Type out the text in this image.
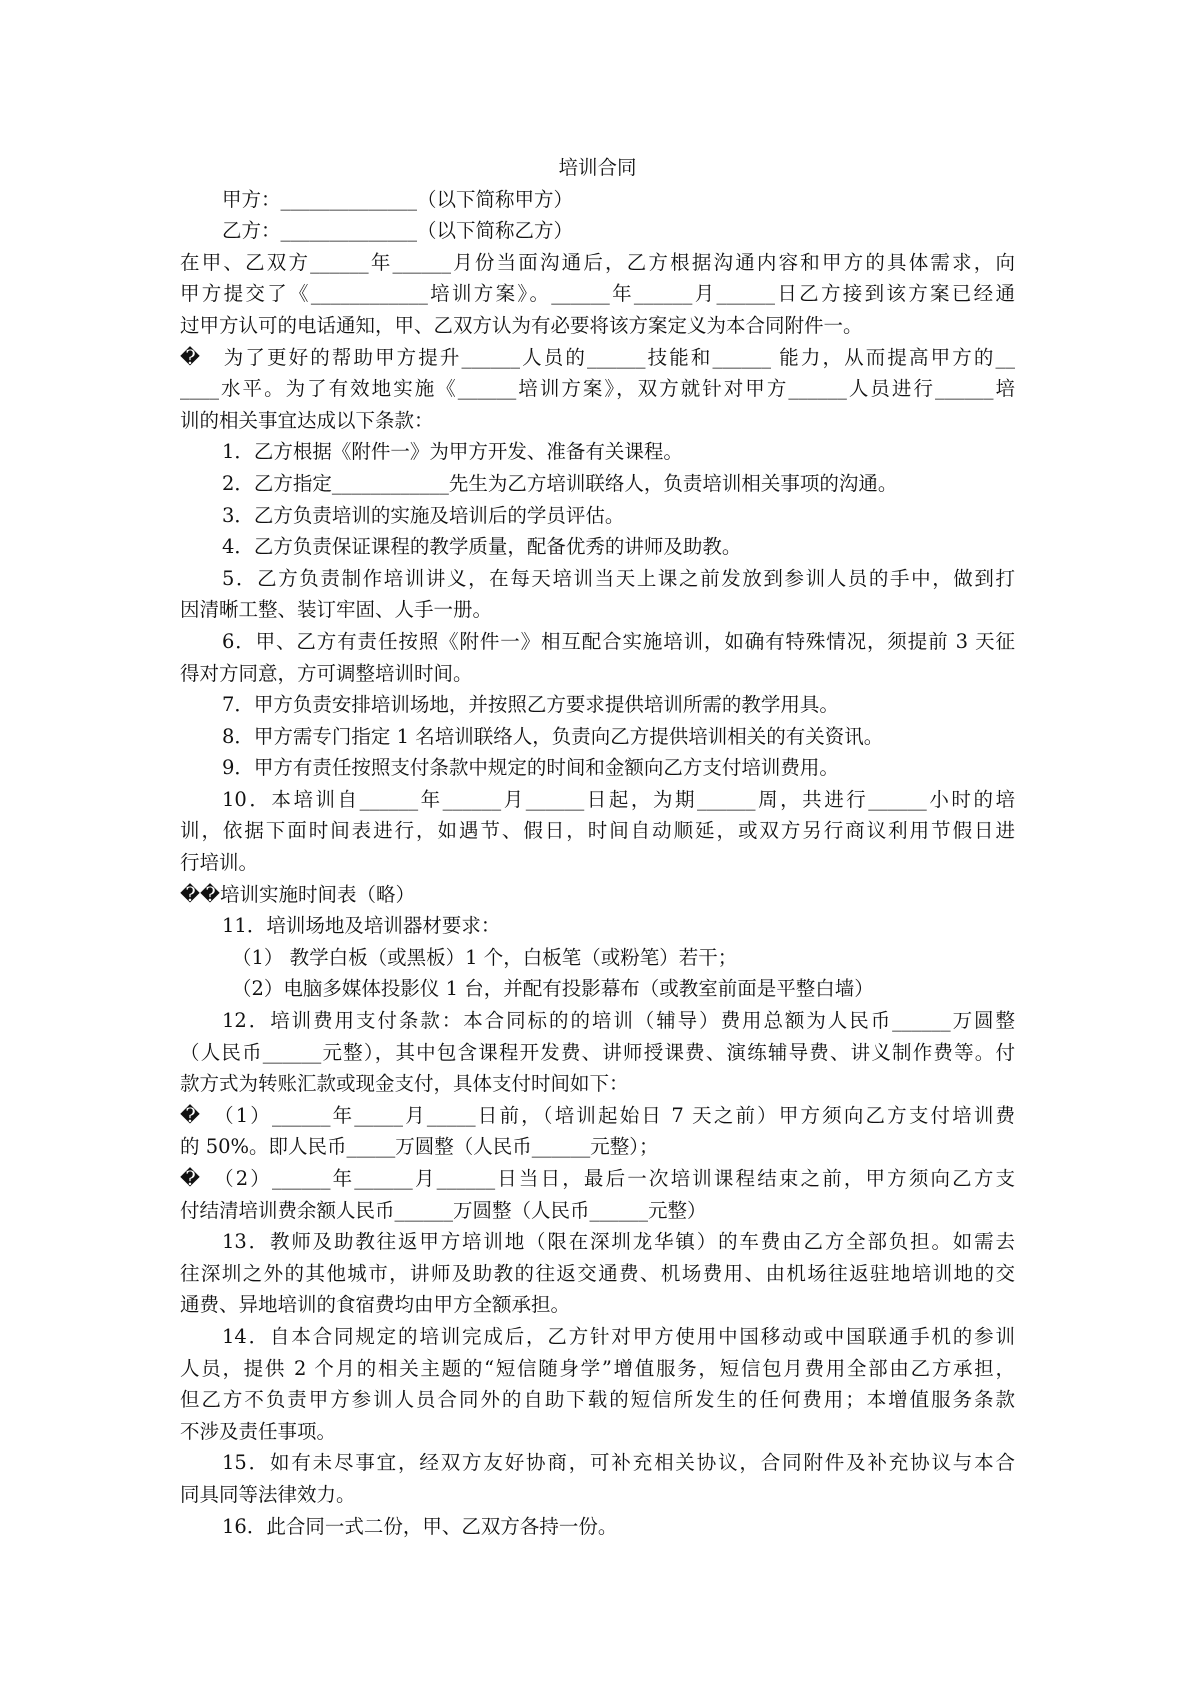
培训合同
甲方：______________（以下简称甲方）
乙方：______________（以下简称乙方）
在甲、乙双方______年______月份当面沟通后，乙方根据沟通内容和甲方的具体需求，向
甲方提交了《____________培训方案》。______年______月______日乙方接到该方案已经通
过甲方认可的电话通知，甲、乙双方认为有必要将该方案定义为本合同附件一。
�　为了更好的帮助甲方提升______人员的______技能和______ 能力，从而提高甲方的__
____水平。为了有效地实施《______培训方案》，双方就针对甲方______人员进行______培
训的相关事宜达成以下条款：
1．乙方根据《附件一》为甲方开发、准备有关课程。
2．乙方指定____________先生为乙方培训联络人，负责培训相关事项的沟通。
3．乙方负责培训的实施及培训后的学员评估。
4．乙方负责保证课程的教学质量，配备优秀的讲师及助教。
5．乙方负责制作培训讲义，在每天培训当天上课之前发放到参训人员的手中，做到打
因清晰工整、装订牢固、人手一册。
6．甲、乙方有责任按照《附件一》相互配合实施培训，如确有特殊情况，须提前 3 天征
得对方同意，方可调整培训时间。
7．甲方负责安排培训场地，并按照乙方要求提供培训所需的教学用具。
8．甲方需专门指定 1 名培训联络人，负责向乙方提供培训相关的有关资讯。
9．甲方有责任按照支付条款中规定的时间和金额向乙方支付培训费用。
10．本培训自______年______月______日起，为期______周，共进行______小时的培
训，依据下面时间表进行，如遇节、假日，时间自动顺延，或双方另行商议利用节假日进
行培训。
��培训实施时间表（略）
11．培训场地及培训器材要求：
（1） 教学白板（或黑板）1 个，白板笔（或粉笔）若干；
（2）电脑多媒体投影仪 1 台，并配有投影幕布（或教室前面是平整白墙）
12．培训费用支付条款：本合同标的的培训（辅导）费用总额为人民币______万圆整
（人民币______元整），其中包含课程开发费、讲师授课费、演练辅导费、讲义制作费等。付
款方式为转账汇款或现金支付，具体支付时间如下：
�　（1）______年_____月_____日前，（培训起始日 7 天之前）甲方须向乙方支付培训费
的 50%。即人民币_____万圆整（人民币______元整）；
�　（2）______年______月______日当日，最后一次培训课程结束之前，甲方须向乙方支
付结清培训费余额人民币______万圆整（人民币______元整）
13．教师及助教往返甲方培训地（限在深圳龙华镇）的车费由乙方全部负担。如需去
往深圳之外的其他城市，讲师及助教的往返交通费、机场费用、由机场往返驻地培训地的交
通费、异地培训的食宿费均由甲方全额承担。
14．自本合同规定的培训完成后，乙方针对甲方使用中国移动或中国联通手机的参训
人员，提供 2 个月的相关主题的“短信随身学”增值服务，短信包月费用全部由乙方承担，
但乙方不负责甲方参训人员合同外的自助下载的短信所发生的任何费用；本增值服务条款
不涉及责任事项。
15．如有未尽事宜，经双方友好协商，可补充相关协议，合同附件及补充协议与本合
同具同等法律效力。
16．此合同一式二份，甲、乙双方各持一份。
